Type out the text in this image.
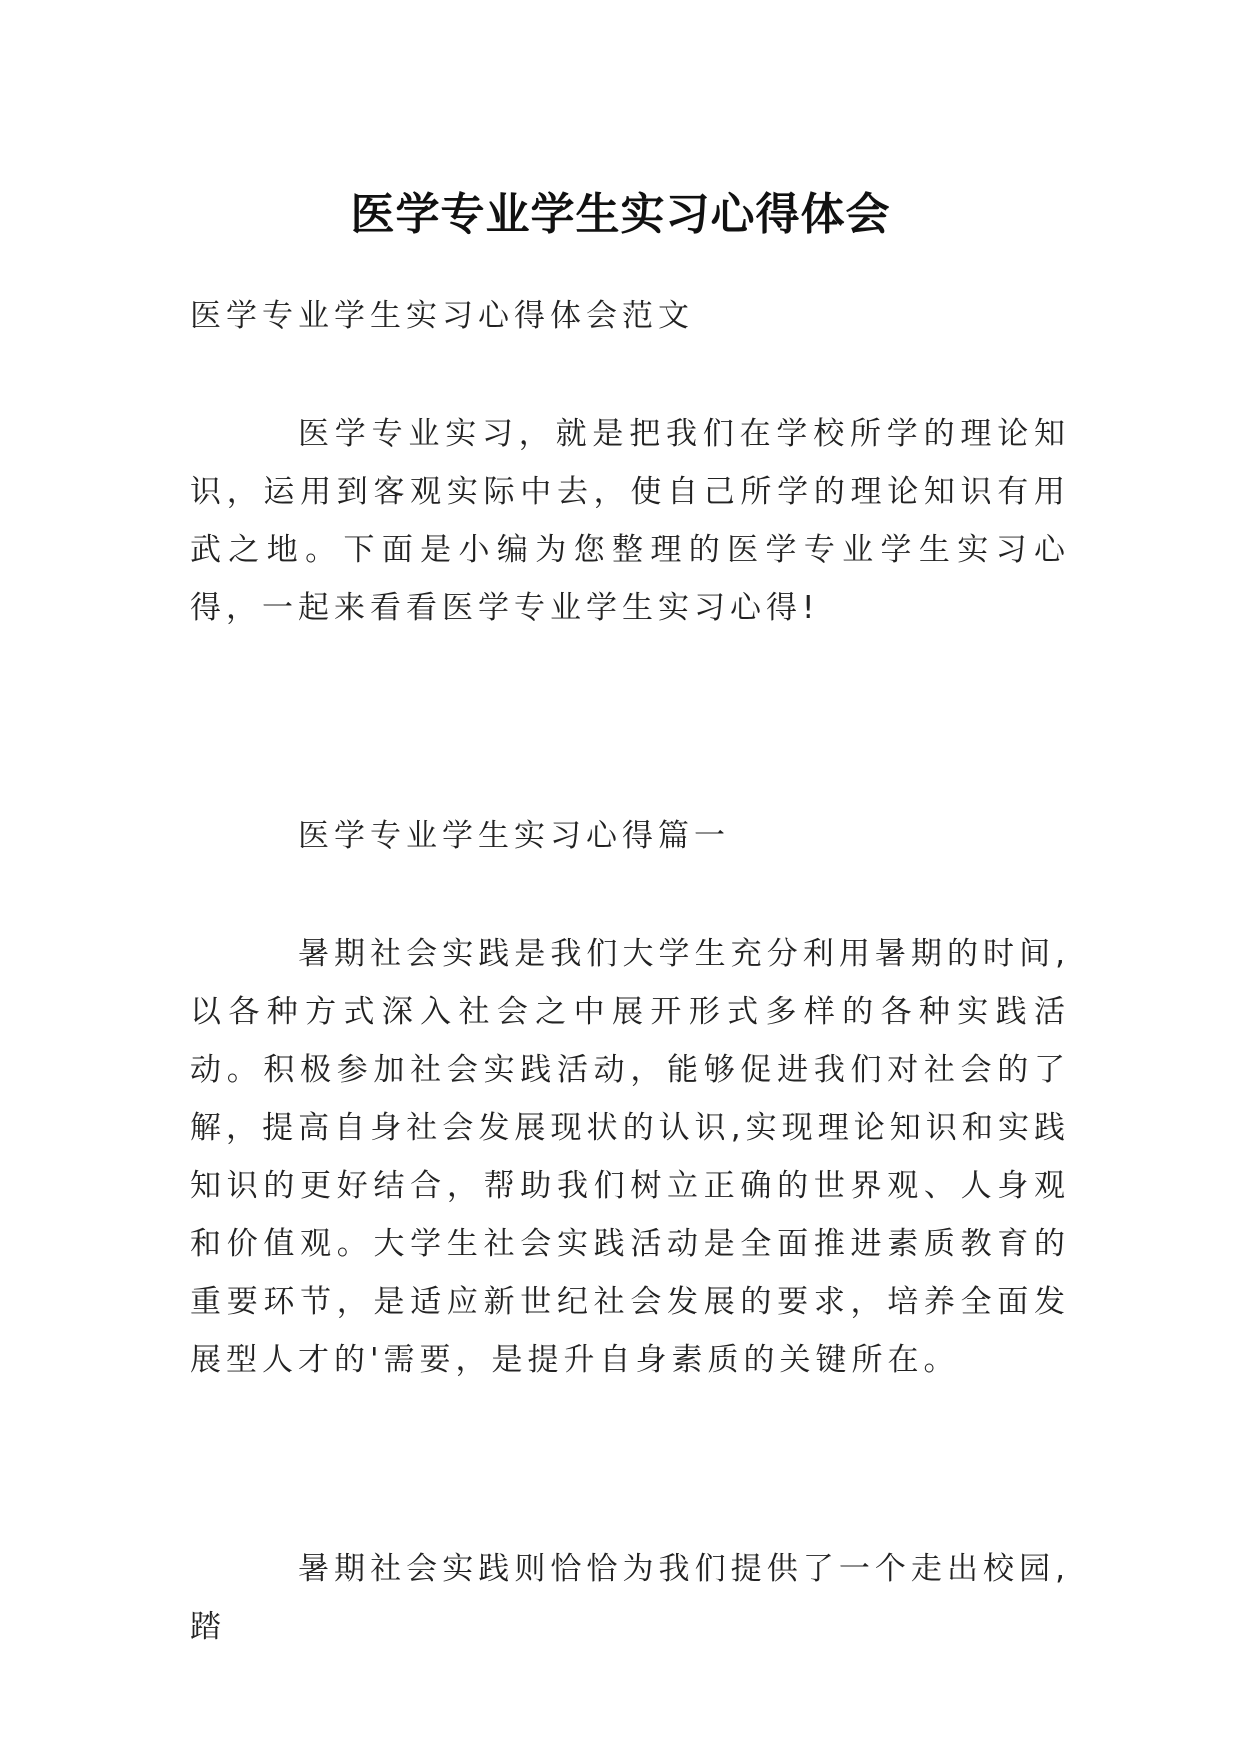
医学专业学生实习心得体会

医学专业学生实习心得体会范文

医学专业实习，就是把我们在学校所学的理论知识，运用到客观实际中去，使自己所学的理论知识有用武之地。下面是小编为您整理的医学专业学生实习心得，一起来看看医学专业学生实习心得!

医学专业学生实习心得篇一

暑期社会实践是我们大学生充分利用暑期的时间,以各种方式深入社会之中展开形式多样的各种实践活动。积极参加社会实践活动，能够促进我们对社会的了解，提高自身社会发展现状的认识,实现理论知识和实践知识的更好结合，帮助我们树立正确的世界观、人身观和价值观。大学生社会实践活动是全面推进素质教育的重要环节，是适应新世纪社会发展的要求，培养全面发展型人才的'需要，是提升自身素质的关键所在。

暑期社会实践则恰恰为我们提供了一个走出校园,踏
